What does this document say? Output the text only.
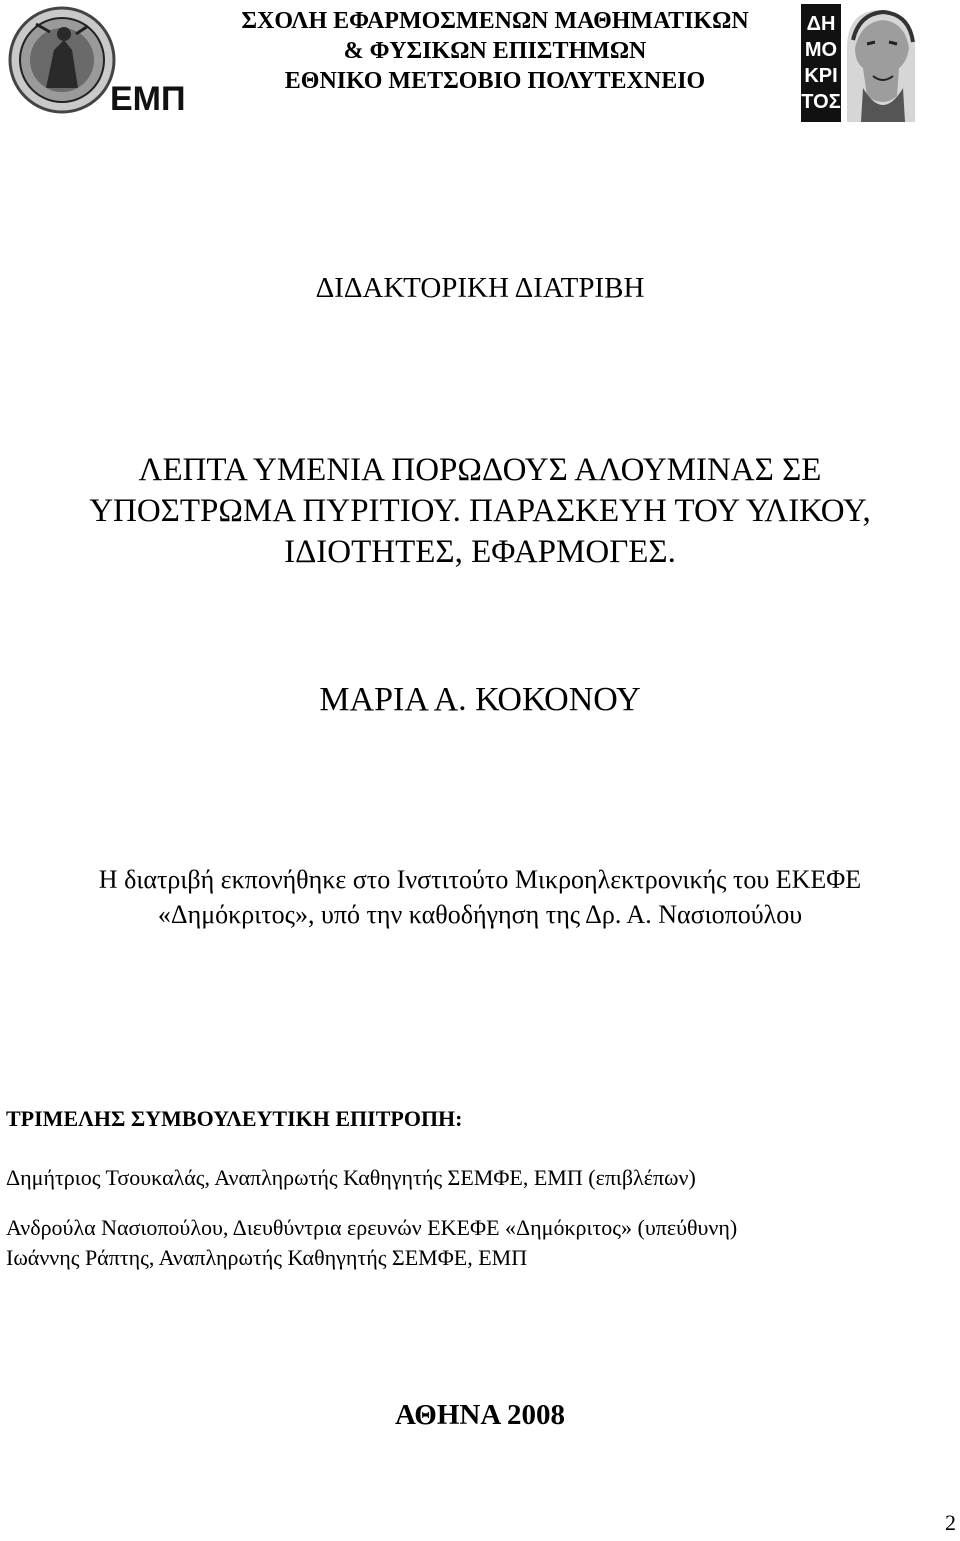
ΕΜΠ
ΣΧΟΛΗ ΕΦΑΡΜΟΣΜΕΝΩΝ ΜΑΘΗΜΑΤΙΚΩΝ
& ΦΥΣΙΚΩΝ ΕΠΙΣΤΗΜΩΝ
ΕΘΝΙΚΟ ΜΕΤΣΟΒΙΟ ΠΟΛΥΤΕΧΝΕΙΟ
ΔΗ
ΜΟ
ΚΡΙ
ΤΟΣ
ΔΙΔΑΚΤΟΡΙΚΗ ΔΙΑΤΡΙΒΗ
ΛΕΠΤΑ ΥΜΕΝΙΑ ΠΟΡΩΔΟΥΣ ΑΛΟΥΜΙΝΑΣ ΣΕ
ΥΠΟΣΤΡΩΜΑ ΠΥΡΙΤΙΟΥ. ΠΑΡΑΣΚΕΥΗ ΤΟΥ ΥΛΙΚΟΥ,
ΙΔΙΟΤΗΤΕΣ, ΕΦΑΡΜΟΓΕΣ.
ΜΑΡΙΑ Α. ΚΟΚΟΝΟΥ
Η διατριβή εκπονήθηκε στο Ινστιτούτο Μικροηλεκτρονικής του ΕΚΕΦΕ
«Δημόκριτος», υπό την καθοδήγηση της Δρ. Α. Νασιοπούλου
ΤΡΙΜΕΛΗΣ ΣΥΜΒΟΥΛΕΥΤΙΚΗ ΕΠΙΤΡΟΠΗ:
Δημήτριος Τσουκαλάς, Αναπληρωτής Καθηγητής ΣΕΜΦΕ, ΕΜΠ (επιβλέπων)
Ανδρούλα Νασιοπούλου, Διευθύντρια ερευνών ΕΚΕΦΕ «Δημόκριτος» (υπεύθυνη)
Ιωάννης Ράπτης, Αναπληρωτής Καθηγητής ΣΕΜΦΕ, ΕΜΠ
ΑΘΗΝΑ 2008
2
